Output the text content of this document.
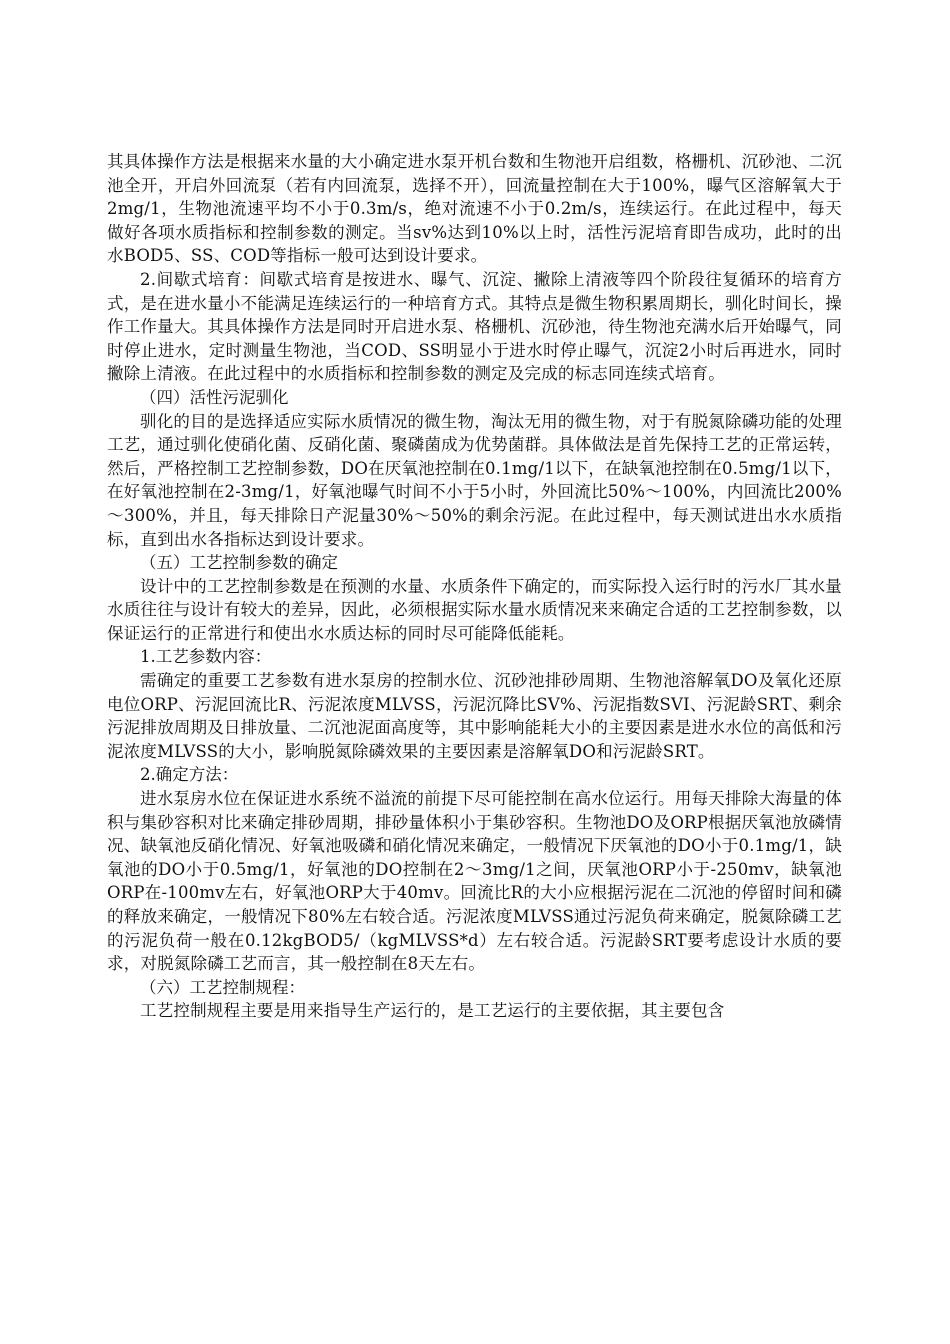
其具体操作方法是根据来水量的大小确定进水泵开机台数和生物池开启组数，格栅机、沉砂池、二沉池全开，开启外回流泵（若有内回流泵，选择不开），回流量控制在大于100%，曝气区溶解氧大于2mg/1，生物池流速平均不小于0.3m/s，绝对流速不小于0.2m/s，连续运行。在此过程中，每天做好各项水质指标和控制参数的测定。当sv%达到10%以上时，活性污泥培育即告成功，此时的出水BOD5、SS、COD等指标一般可达到设计要求。

2.间歇式培育：间歇式培育是按进水、曝气、沉淀、撇除上清液等四个阶段往复循环的培育方式，是在进水量小不能满足连续运行的一种培育方式。其特点是微生物积累周期长，驯化时间长，操作工作量大。其具体操作方法是同时开启进水泵、格栅机、沉砂池，待生物池充满水后开始曝气，同时停止进水，定时测量生物池，当COD、SS明显小于进水时停止曝气，沉淀2小时后再进水，同时撇除上清液。在此过程中的水质指标和控制参数的测定及完成的标志同连续式培育。

（四）活性污泥驯化

驯化的目的是选择适应实际水质情况的微生物，淘汰无用的微生物，对于有脱氮除磷功能的处理工艺，通过驯化使硝化菌、反硝化菌、聚磷菌成为优势菌群。具体做法是首先保持工艺的正常运转，然后，严格控制工艺控制参数，DO在厌氧池控制在0.1mg/1以下，在缺氧池控制在0.5mg/1以下，在好氧池控制在2-3mg/1，好氧池曝气时间不小于5小时，外回流比50%～100%，内回流比200%～300%，并且，每天排除日产泥量30%～50%的剩余污泥。在此过程中，每天测试进出水水质指标，直到出水各指标达到设计要求。

（五）工艺控制参数的确定

设计中的工艺控制参数是在预测的水量、水质条件下确定的，而实际投入运行时的污水厂其水量水质往往与设计有较大的差异，因此，必须根据实际水量水质情况来来确定合适的工艺控制参数，以保证运行的正常进行和使出水水质达标的同时尽可能降低能耗。

1.工艺参数内容：

需确定的重要工艺参数有进水泵房的控制水位、沉砂池排砂周期、生物池溶解氧DO及氧化还原电位ORP、污泥回流比R、污泥浓度MLVSS，污泥沉降比SV%、污泥指数SVI、污泥龄SRT、剩余污泥排放周期及日排放量、二沉池泥面高度等，其中影响能耗大小的主要因素是进水水位的高低和污泥浓度MLVSS的大小，影响脱氮除磷效果的主要因素是溶解氧DO和污泥龄SRT。

2.确定方法：

进水泵房水位在保证进水系统不溢流的前提下尽可能控制在高水位运行。用每天排除大海量的体积与集砂容积对比来确定排砂周期，排砂量体积小于集砂容积。生物池DO及ORP根据厌氧池放磷情况、缺氧池反硝化情况、好氧池吸磷和硝化情况来确定，一般情况下厌氧池的DO小于0.1mg/1，缺氧池的DO小于0.5mg/1，好氧池的DO控制在2～3mg/1之间，厌氧池ORP小于-250mv，缺氧池ORP在-100mv左右，好氧池ORP大于40mv。回流比R的大小应根据污泥在二沉池的停留时间和磷的释放来确定，一般情况下80%左右较合适。污泥浓度MLVSS通过污泥负荷来确定，脱氮除磷工艺的污泥负荷一般在0.12kgBOD5/（kgMLVSS*d）左右较合适。污泥龄SRT要考虑设计水质的要求，对脱氮除磷工艺而言，其一般控制在8天左右。

（六）工艺控制规程：

工艺控制规程主要是用来指导生产运行的，是工艺运行的主要依据，其主要包含
